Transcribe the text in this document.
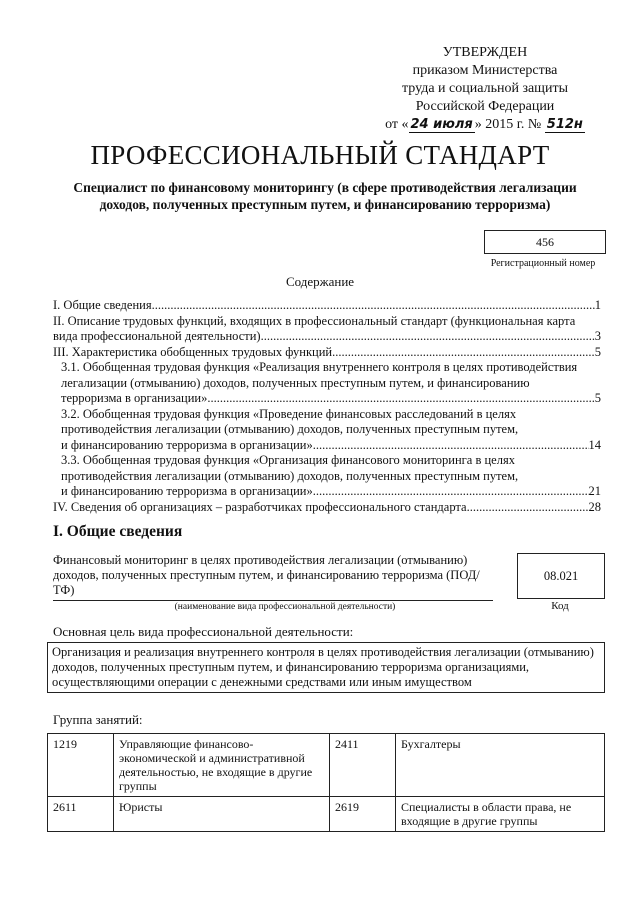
УТВЕРЖДЕН
приказом Министерства
труда и социальной защиты
Российской Федерации
от « 24 июля » 2015 г. № 512н
ПРОФЕССИОНАЛЬНЫЙ СТАНДАРТ
Специалист по финансовому мониторингу (в сфере противодействия легализации доходов, полученных преступным путем, и финансированию терроризма)
456
Регистрационный номер
Содержание
I. Общие сведения .....	1
II. Описание трудовых функций, входящих в профессиональный стандарт (функциональная карта
вида профессиональной деятельности) .....	3
III. Характеристика обобщенных трудовых функций .....	5
3.1. Обобщенная трудовая функция «Реализация внутреннего контроля в целях противодействия легализации (отмыванию) доходов, полученных преступным путем, и финансированию
терроризма в организации» .....	5
3.2. Обобщенная трудовая функция «Проведение финансовых расследований в целях противодействия легализации (отмыванию) доходов, полученных преступным путем,
и финансированию терроризма в организации» .....	14
3.3. Обобщенная трудовая функция «Организация финансового мониторинга в целях противодействия легализации (отмыванию) доходов, полученных преступным путем,
и финансированию терроризма в организации» .....	21
IV. Сведения об организациях – разработчиках профессионального стандарта .....	28
I. Общие сведения
Финансовый мониторинг в целях противодействия легализации (отмыванию) доходов, полученных преступным путем, и финансированию терроризма (ПОД/ТФ)
08.021
(наименование вида профессиональной деятельности)	Код
Основная цель вида профессиональной деятельности:
Организация и реализация внутреннего контроля в целях противодействия легализации (отмыванию) доходов, полученных преступным путем, и финансированию терроризма организациями, осуществляющими операции с денежными средствами или иным имуществом
Группа занятий:
1219	Управляющие финансово-экономической и административной деятельностью, не входящие в другие группы	2411	Бухгалтеры
2611	Юристы	2619	Специалисты в области права, не входящие в другие группы
